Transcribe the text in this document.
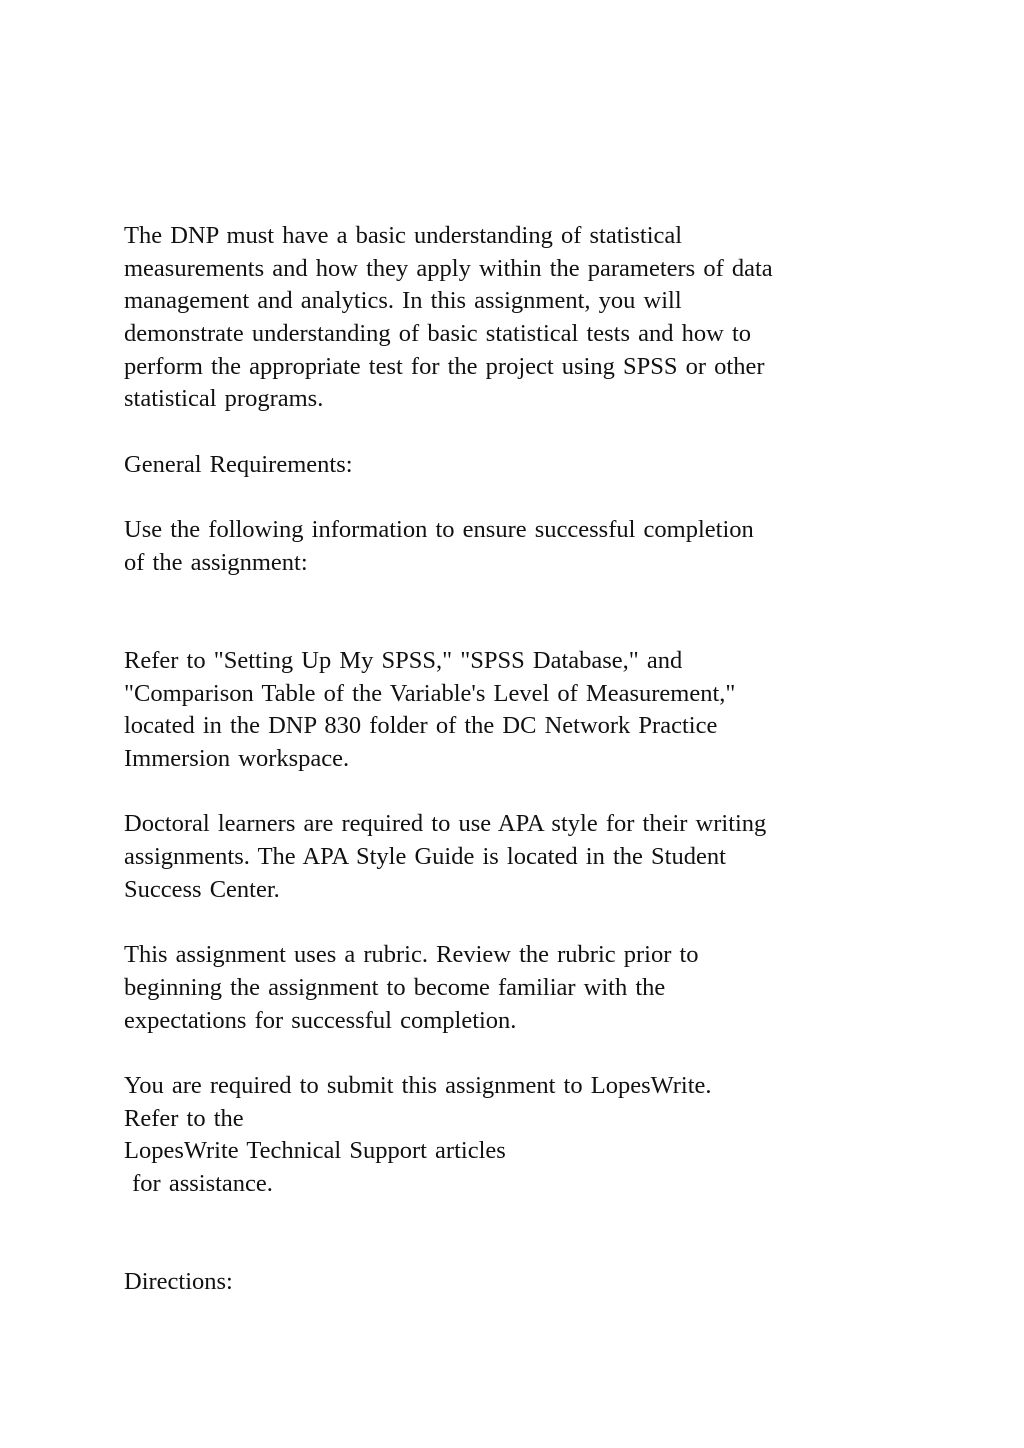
The DNP must have a basic understanding of statistical
measurements and how they apply within the parameters of data
management and analytics. In this assignment, you will
demonstrate understanding of basic statistical tests and how to
perform the appropriate test for the project using SPSS or other
statistical programs.
General Requirements:
Use the following information to ensure successful completion
of the assignment:
Refer to "Setting Up My SPSS," "SPSS Database," and
"Comparison Table of the Variable's Level of Measurement,"
located in the DNP 830 folder of the DC Network Practice
Immersion workspace.
Doctoral learners are required to use APA style for their writing
assignments. The APA Style Guide is located in the Student
Success Center.
This assignment uses a rubric. Review the rubric prior to
beginning the assignment to become familiar with the
expectations for successful completion.
You are required to submit this assignment to LopesWrite.
Refer to the
LopesWrite Technical Support articles
for assistance.
Directions:
